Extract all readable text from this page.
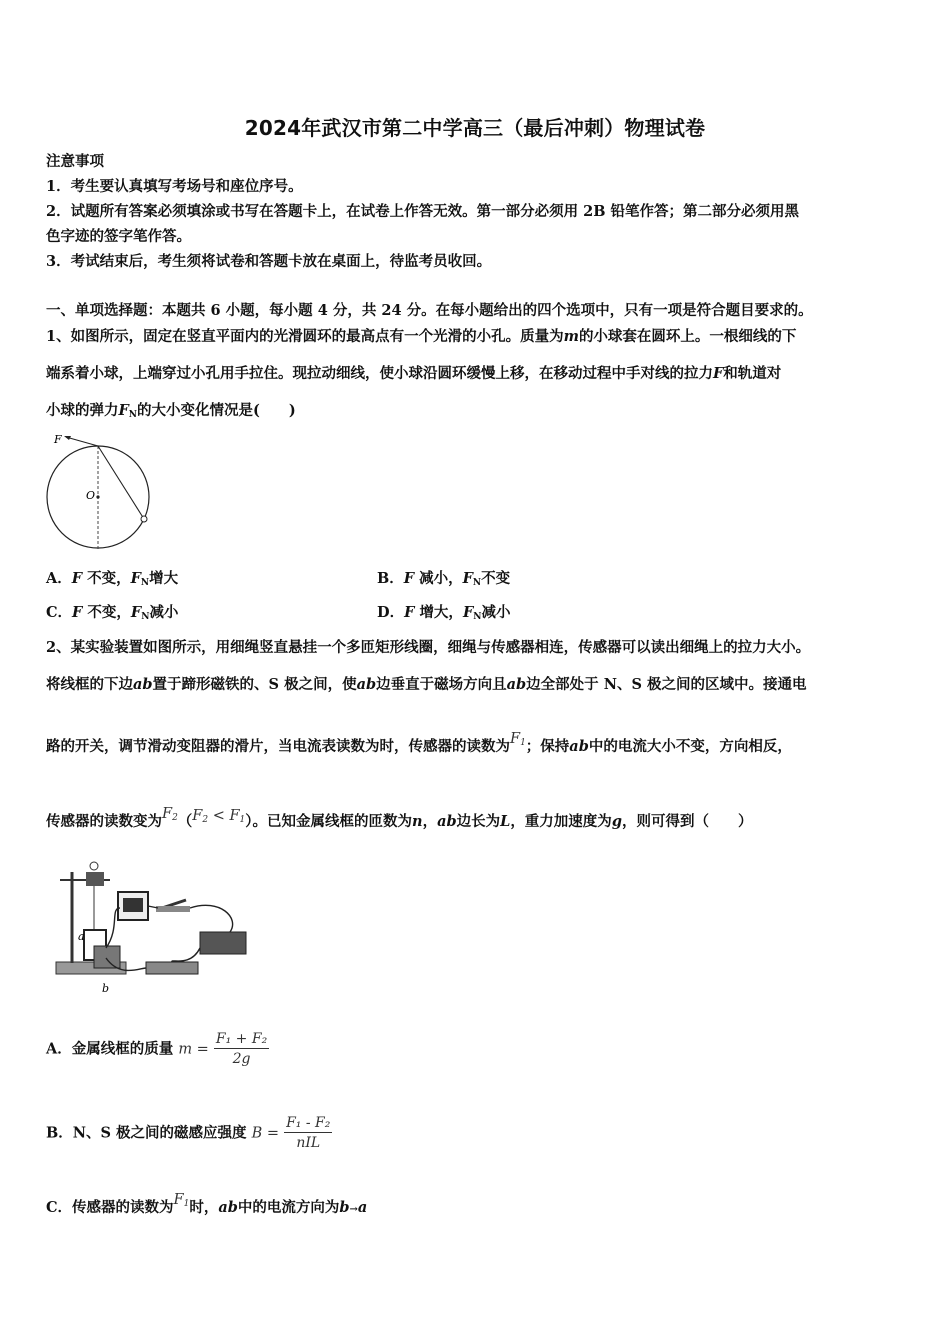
2024年武汉市第二中学高三（最后冲刺）物理试卷
注意事项
1．考生要认真填写考场号和座位序号。
2．试题所有答案必须填涂或书写在答题卡上，在试卷上作答无效。第一部分必须用 2B 铅笔作答；第二部分必须用黑
色字迹的签字笔作答。
3．考试结束后，考生须将试卷和答题卡放在桌面上，待监考员收回。
一、单项选择题：本题共 6 小题，每小题 4 分，共 24 分。在每小题给出的四个选项中，只有一项是符合题目要求的。
1、如图所示，固定在竖直平面内的光滑圆环的最高点有一个光滑的小孔。质量为m的小球套在圆环上。一根细线的下
端系着小球，上端穿过小孔用手拉住。现拉动细线，使小球沿圆环缓慢上移，在移动过程中手对线的拉力F和轨道对
小球的弹力$F_N$的大小变化情况是(　　)
F
O
A．F 不变，$F_N$增大	B．F 减小，$F_N$不变
C．F 不变，$F_N$减小	D．F 增大，$F_N$减小
2、某实验装置如图所示，用细绳竖直悬挂一个多匝矩形线圈，细绳与传感器相连，传感器可以读出细绳上的拉力大小。
将线框的下边ab置于蹄形磁铁的、S 极之间，使ab边垂直于磁场方向且ab边全部处于 N、S 极之间的区域中。接通电
路的开关，调节滑动变阻器的滑片，当电流表读数为时，传感器的读数为$F_1$；保持ab中的电流大小不变，方向相反，
传感器的读数变为$F_2(F_2 < F_1)$。已知金属线框的匝数为n，ab边长为L，重力加速度为g，则可得到（　　）
a
b
A．金属线框的质量 $m = \frac{\text{F₁ + F₂}}{2g}$
B．N、S 极之间的磁感应强度 $B = \frac{\text{F₁ - F₂}}{\text{nIL}}$
C．传感器的读数为$F_1$时，ab中的电流方向为b→a
